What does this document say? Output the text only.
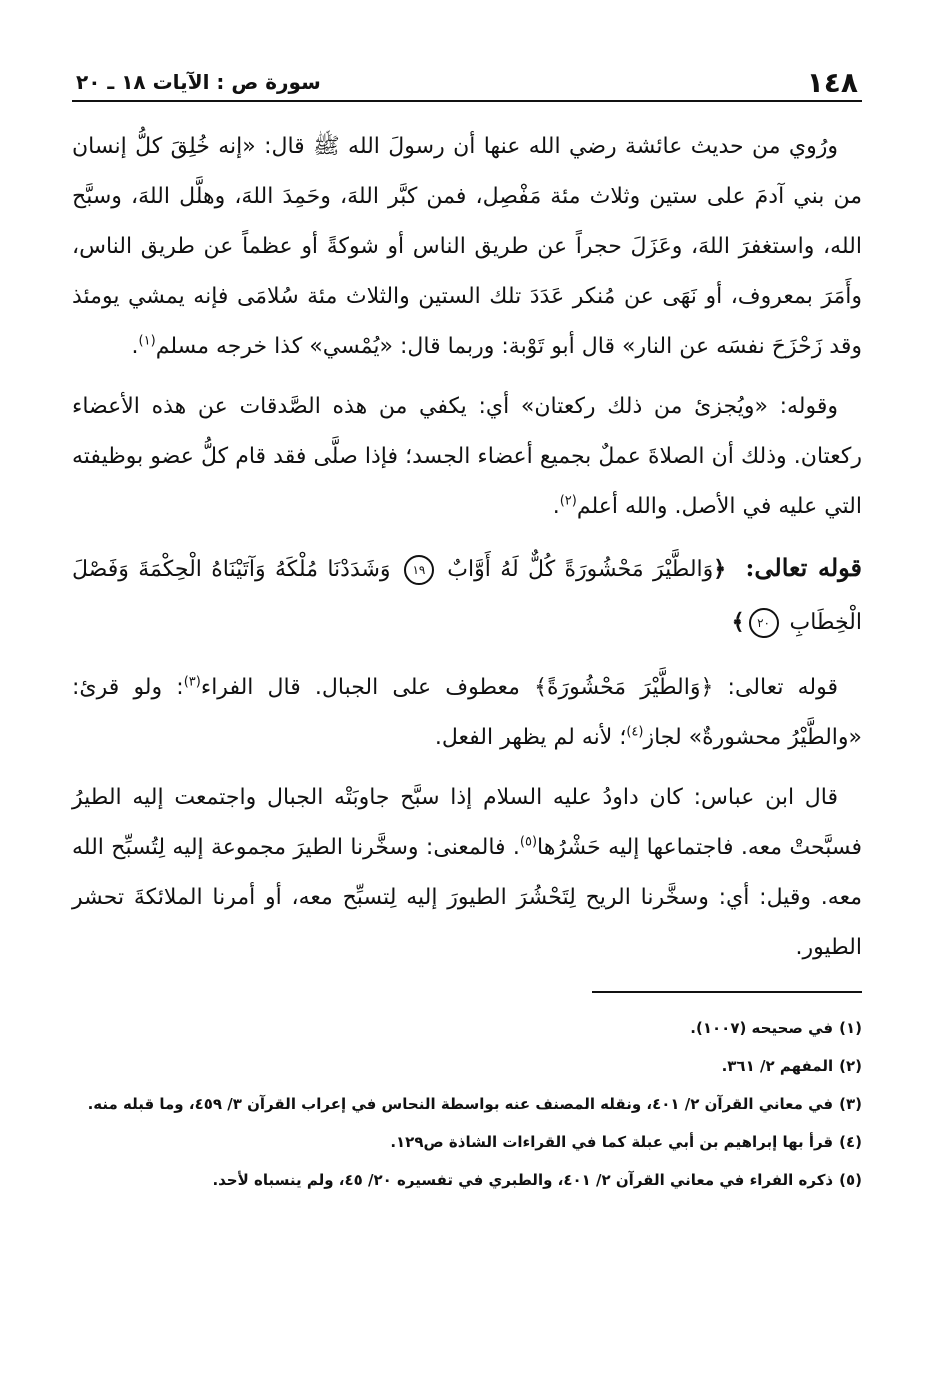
١٤٨
سورة ص : الآيات ١٨ ـ ٢٠

ورُوي من حديث عائشة رضي الله عنها أن رسولَ الله ﷺ قال: «إنه خُلِقَ كلُّ إنسان من بني آدمَ على ستين وثلاث مئة مَفْصِل، فمن كبَّر اللهَ، وحَمِدَ اللهَ، وهلَّل اللهَ، وسبَّح الله، واستغفرَ اللهَ، وعَزَلَ حجراً عن طريق الناس أو شوكةً أو عظماً عن طريق الناس، وأَمَرَ بمعروف، أو نَهَى عن مُنكر عَدَدَ تلك الستين والثلاث مئة سُلامَى فإنه يمشي يومئذ وقد زَحْزَحَ نفسَه عن النار» قال أبو تَوْبة: وربما قال: «يُمْسي» كذا خرجه مسلم$^{(١)}$.

وقوله: «ويُجزئ من ذلك ركعتان» أي: يكفي من هذه الصَّدقات عن هذه الأعضاء ركعتان. وذلك أن الصلاةَ عملٌ بجميع أعضاء الجسد؛ فإذا صلَّى فقد قام كلُّ عضو بوظيفته التي عليه في الأصل. والله أعلم$^{(٢)}$.

قوله تعالى: ﴿وَالطَّيْرَ مَحْشُورَةً كُلٌّ لَهُ أَوَّابٌ ١٩ وَشَدَدْنَا مُلْكَهُ وَآتَيْنَاهُ الْحِكْمَةَ وَفَصْلَ الْخِطَابِ ٢٠﴾

قوله تعالى: ﴿وَالطَّيْرَ مَحْشُورَةً﴾ معطوف على الجبال. قال الفراء$^{(٣)}$: ولو قرئ: «والطَّيْرُ محشورةٌ» لجاز$^{(٤)}$؛ لأنه لم يظهر الفعل.

قال ابن عباس: كان داودُ عليه السلام إذا سبَّح جاوبَتْه الجبال واجتمعت إليه الطيرُ فسبَّحتْ معه. فاجتماعها إليه حَشْرُها$^{(٥)}$. فالمعنى: وسخَّرنا الطيرَ مجموعة إليه لِتُسبِّح الله معه. وقيل: أي: وسخَّرنا الريح لِتَحْشُرَ الطيورَ إليه لِتسبِّح معه، أو أمرنا الملائكةَ تحشر الطيور.

(١)في صحيحه (١٠٠٧).

(٢)المفهم ٢/ ٣٦١.

(٣)في معاني القرآن ٢/ ٤٠١، ونقله المصنف عنه بواسطة النحاس في إعراب القرآن ٣/ ٤٥٩، وما قبله منه.

(٤)قرأ بها إبراهيم بن أبي عبلة كما في القراءات الشاذة ص١٢٩.

(٥)ذكره الفراء في معاني القرآن ٢/ ٤٠١، والطبري في تفسيره ٢٠/ ٤٥، ولم ينسباه لأحد.
